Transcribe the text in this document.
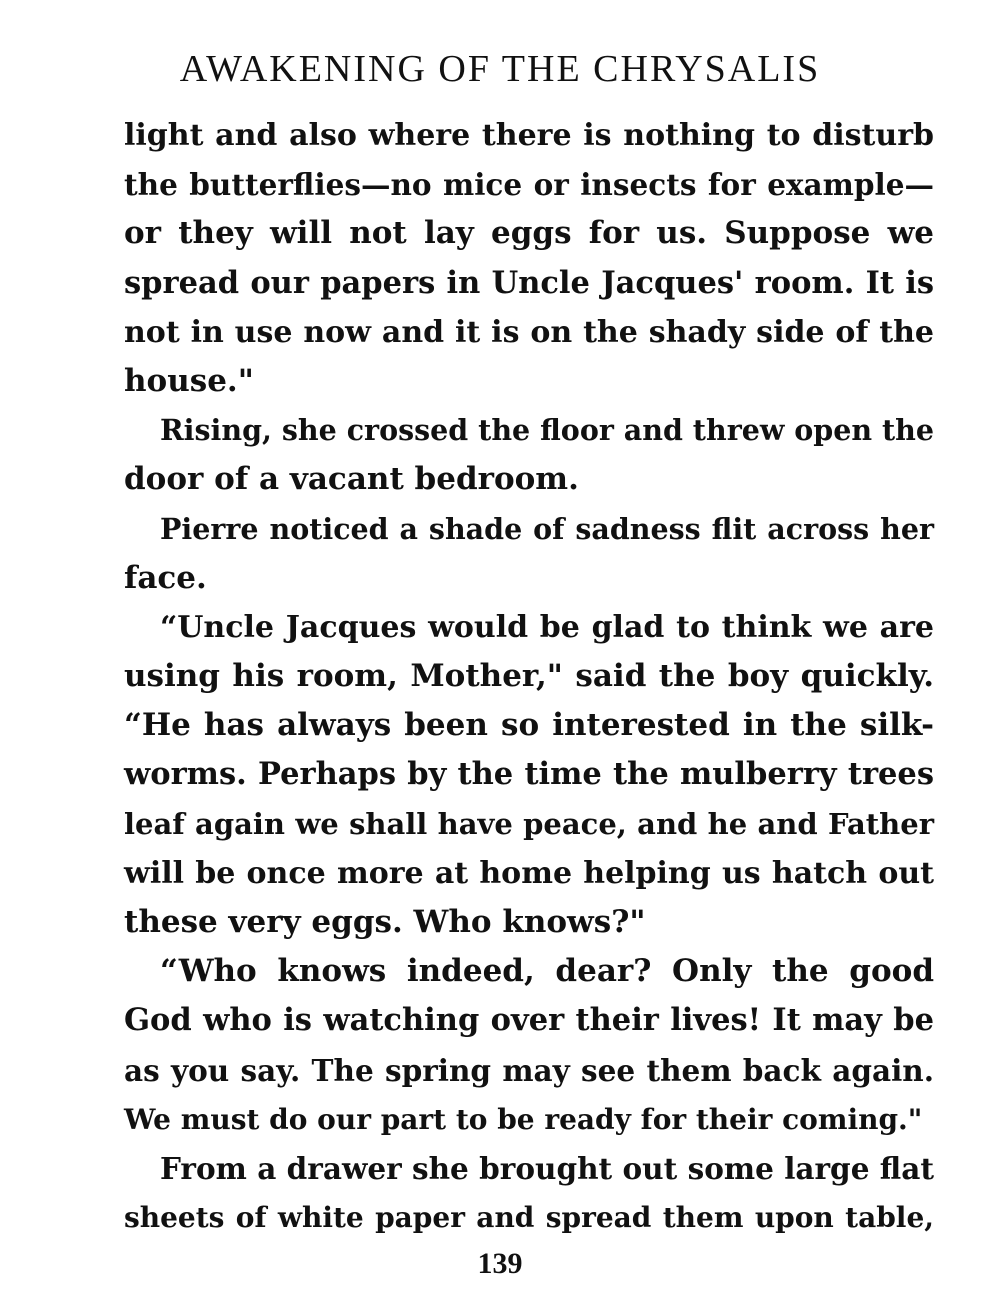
AWAKENING OF THE CHRYSALIS
light and also where there is nothing to disturb
the butterflies—no mice or insects for example—
or they will not lay eggs for us. Suppose we
spread our papers in Uncle Jacques' room. It is
not in use now and it is on the shady side of the
house."
Rising, she crossed the floor and threw open the
door of a vacant bedroom.
Pierre noticed a shade of sadness flit across her
face.
“Uncle Jacques would be glad to think we are
using his room, Mother," said the boy quickly.
“He has always been so interested in the silk-
worms. Perhaps by the time the mulberry trees
leaf again we shall have peace, and he and Father
will be once more at home helping us hatch out
these very eggs. Who knows?"
“Who knows indeed, dear? Only the good
God who is watching over their lives! It may be
as you say. The spring may see them back again.
We must do our part to be ready for their coming."
From a drawer she brought out some large flat
sheets of white paper and spread them upon table,
139
